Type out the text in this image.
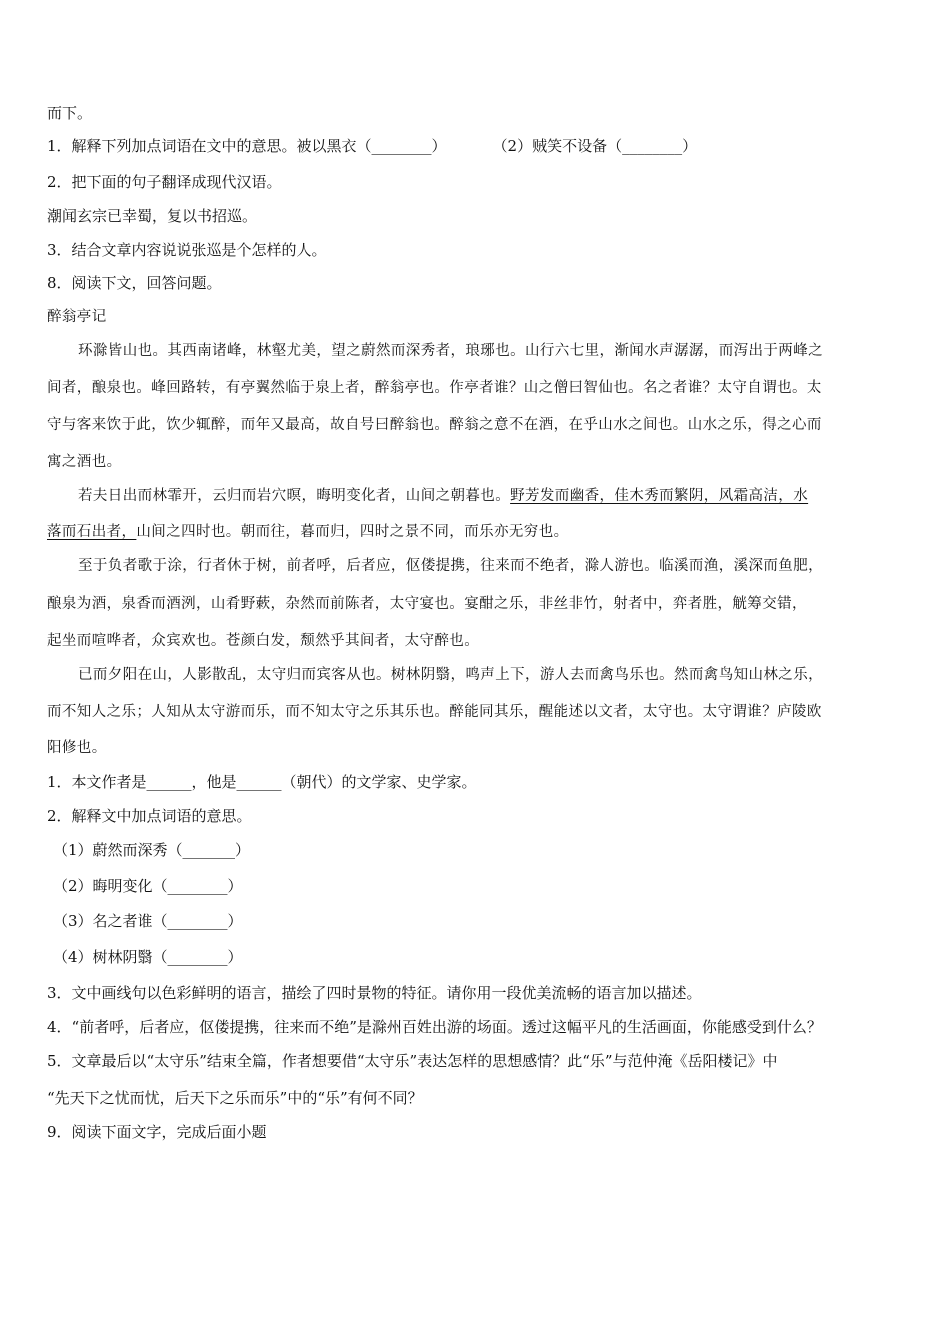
而下。
1．解释下列加点词语在文中的意思。被以黑衣（________）	（2）贼笑不设备（________）
2．把下面的句子翻译成现代汉语。
潮闻玄宗已幸蜀，复以书招巡。
3．结合文章内容说说张巡是个怎样的人。
8．阅读下文，回答问题。
醉翁亭记
环滁皆山也。其西南诸峰，林壑尤美，望之蔚然而深秀者，琅琊也。山行六七里，渐闻水声潺潺，而泻出于两峰之
间者，酿泉也。峰回路转，有亭翼然临于泉上者，醉翁亭也。作亭者谁？山之僧曰智仙也。名之者谁？太守自谓也。太
守与客来饮于此，饮少辄醉，而年又最高，故自号曰醉翁也。醉翁之意不在酒，在乎山水之间也。山水之乐，得之心而
寓之酒也。
若夫日出而林霏开，云归而岩穴暝，晦明变化者，山间之朝暮也。野芳发而幽香，佳木秀而繁阴，风霜高洁，水
落而石出者，山间之四时也。朝而往，暮而归，四时之景不同，而乐亦无穷也。
至于负者歌于涂，行者休于树，前者呼，后者应，伛偻提携，往来而不绝者，滁人游也。临溪而渔，溪深而鱼肥，
酿泉为酒，泉香而酒洌，山肴野蔌，杂然而前陈者，太守宴也。宴酣之乐，非丝非竹，射者中，弈者胜，觥筹交错，
起坐而喧哗者，众宾欢也。苍颜白发，颓然乎其间者，太守醉也。
已而夕阳在山，人影散乱，太守归而宾客从也。树林阴翳，鸣声上下，游人去而禽鸟乐也。然而禽鸟知山林之乐，
而不知人之乐；人知从太守游而乐，而不知太守之乐其乐也。醉能同其乐，醒能述以文者，太守也。太守谓谁？庐陵欧
阳修也。
1．本文作者是______，他是______（朝代）的文学家、史学家。
2．解释文中加点词语的意思。
（1）蔚然而深秀（_______）
（2）晦明变化（________）
（3）名之者谁（________）
（4）树林阴翳（________）
3．文中画线句以色彩鲜明的语言，描绘了四时景物的特征。请你用一段优美流畅的语言加以描述。
4．“前者呼，后者应，伛偻提携，往来而不绝”是滁州百姓出游的场面。透过这幅平凡的生活画面，你能感受到什么？
5．文章最后以“太守乐”结束全篇，作者想要借“太守乐”表达怎样的思想感情？此“乐”与范仲淹《岳阳楼记》中
“先天下之忧而忧，后天下之乐而乐”中的“乐”有何不同？
9．阅读下面文字，完成后面小题
